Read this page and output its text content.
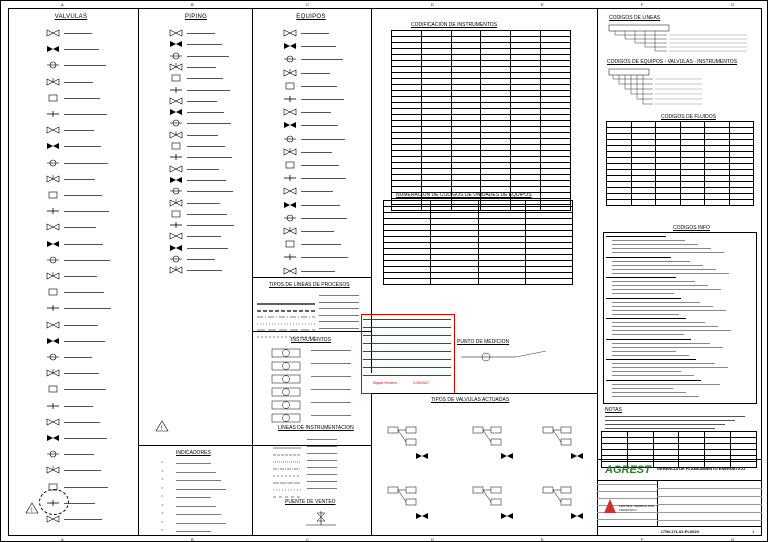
VALVULAS	PIPING	EQUIPOS
TIPOS DE LINEAS DE PROCESOS
INSTRUMENTOS
INDICADORES
○
○
○
○
○
○
○
○
○
LINEAS DE INSTRUMENTACION
PUENTE DE VENTEO
!
!
CODIFICACION DE INSTRUMENTOS

NUMERACION DE CODIGOS DE UNIDADES DE EQUIPOS

Miguel Romero	21/9/2022
PUNTO DE MEDICION
TIPOS DE VALVULAS ACTUADAS
CODIGOS DE LINEAS
CODIGOS DE EQUIPOS - VALVULAS - INSTRUMENTOS
CODIGOS DE FLUIDOS

CODIGOS INFO
NOTAS

AGREST GERENCIA DE PLANEAMIENTO ENERGETICO
CENTRAL TERMICA SAN FRANCISCO
CTM-171-02-PI-0020	1
A
A
B
B
C
C
D
D
E
E
F
F
G
G
